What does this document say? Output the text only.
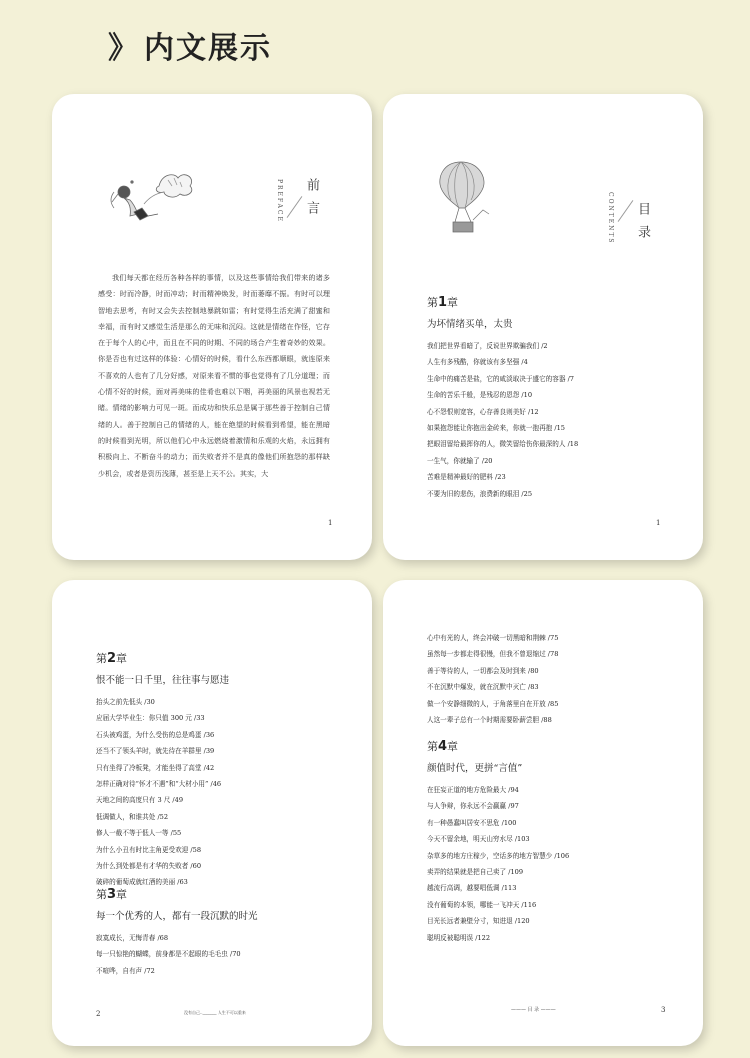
》 内文展示
PREFACE 前言
我们每天都在经历各种各样的事情，以及这些事情给我们带来的诸多感受：时而冷静，时而冲动；时而精神焕发，时而萎靡不振。有时可以理智地去思考，有时又会失去控制地暴跳如雷；有时觉得生活充满了甜蜜和幸福，而有时又感觉生活是那么的无味和沉闷。这就是情绪在作怪，它存在于每个人的心中，而且在不同的时期、不同的场合产生着奇妙的效果。你是否也有过这样的体验：心情好的时候，看什么东西都顺眼，就连原来不喜欢的人也有了几分好感，对原来看不惯的事也觉得有了几分道理；而心情不好的时候，面对再美味的佳肴也难以下咽，再美丽的风景也视若无睹。情绪的影响力可见一斑。而成功和快乐总是属于那些善于控制自己情绪的人。善于控制自己的情绪的人，能在绝望的时候看到希望，能在黑暗的时候看到光明，所以他们心中永远燃烧着激情和乐观的火焰，永远拥有积极向上、不断奋斗的动力；而失败者并不是真的像他们所抱怨的那样缺少机会，或者是资历浅薄，甚至是上天不公。其实，大
1
CONTENTS 目录
第1章
为坏情绪买单，太贵
我们把世界看暗了，反说世界欺骗我们 /2
人生有多残酷，你就该有多坚强 /4
生命中的痛苦是盐，它的咸淡取决于盛它的容器 /7
生命的苦乐千般，是残忍的恩怨 /10
心不怨恨则宽容，心存善良则美好 /12
如果抱怨能让你抱出金砖来，你就一抱再抱 /15
把眼泪留给最挥你的人，微笑留给伤你最深的人 /18
一生气，你就输了 /20
苦难是精神最好的肥料 /23
不要为旧的悲伤，浪费新的眼泪 /25
1
第2章
恨不能一日千里，往往事与愿违
抬头之前先低头 /30
应届大学毕业生：你只值 300 元 /33
石头被鸡蛋，为什么受伤的总是鸡蛋 /36
还当不了领头羊时，就先待在羊群里 /39
只有坐得了冷板凳，才能坐得了高堂 /42
怎样正确对待“怀才不遇”和“大材小用” /46
天地之间的高度只有 3 尺 /49
低调做人，和谁共处 /52
修人一截不等于低人一等 /55
为什么小丑有时比主角更受欢迎 /58
为什么到处都是有才华的失败者 /60
破碎的葡萄成就红酒的美丽 /63
第3章
每一个优秀的人，都有一段沉默的时光
寂寞成长，无悔青春 /68
每一只惊艳的蝴蝶，前身都是不起眼的毛毛虫 /70
不喧哗，自有声 /72
2	没有自己.._______ 人生不可以重来
心中有光的人，终会冲破一切黑暗和荆棘 /75
虽然每一步都走得很慢，但我不曾退缩过 /78
善于等待的人，一切都会及时到来 /80
不在沉默中爆发，就在沉默中灭亡 /83
做一个安静细微的人，于角落里自在开放 /85
人这一辈子总有一个时期需要卧薪尝胆 /88
第4章
颜值时代，更拼“言值”
在狂妄正道的地方危险最大 /94
与人争辩，你永远不会赢赢 /97
有一种愚蠢叫居安不思危 /100
今天不留余地，明天山穷水尽 /103
杂草多的地方庄稼少，空话多的地方智慧少 /106
卖弄的结果就是把自己卖了 /109
越流行高调，越要唱低调 /113
没有葡萄的本领，哪能一飞冲天 /116
目光长远者兼壁分寸，知进退 /120
聪明反被聪明误 /122
——— 目 录 ———	3
